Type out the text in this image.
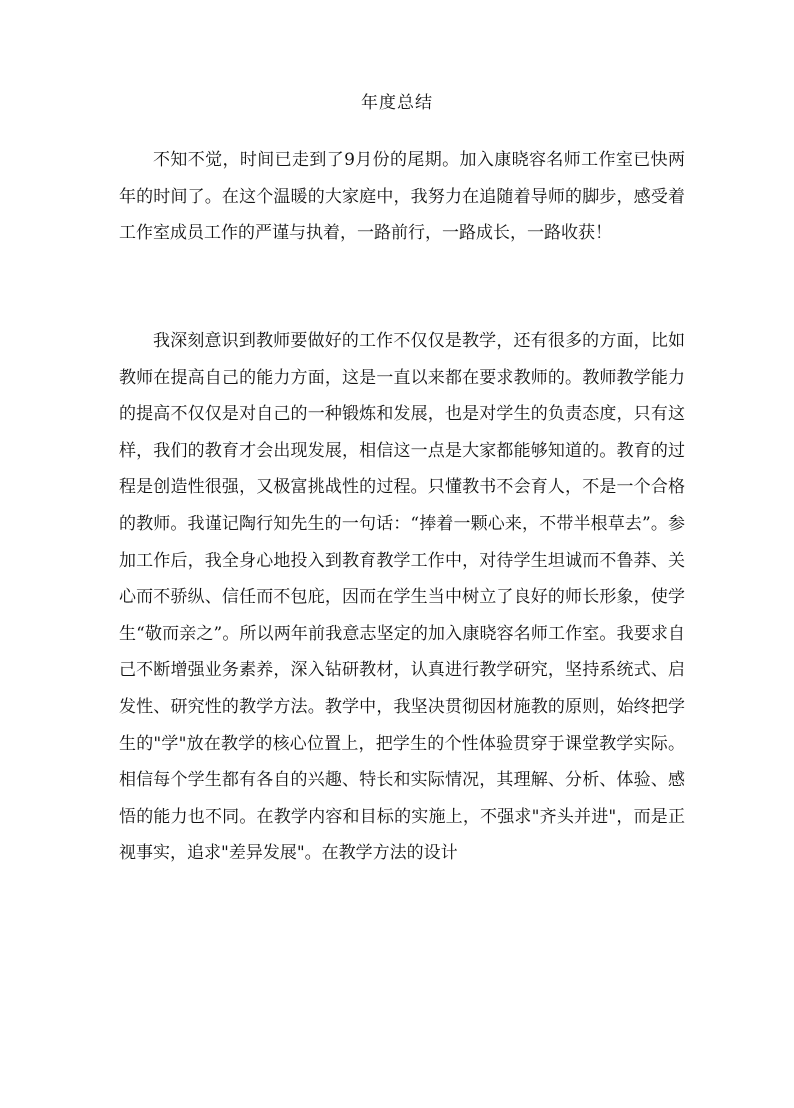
年度总结

不知不觉，时间已走到了9月份的尾期。加入康晓容名师工作室已快两年的时间了。在这个温暖的大家庭中，我努力在追随着导师的脚步，感受着工作室成员工作的严谨与执着，一路前行，一路成长，一路收获！

我深刻意识到教师要做好的工作不仅仅是教学，还有很多的方面，比如教师在提高自己的能力方面，这是一直以来都在要求教师的。教师教学能力的提高不仅仅是对自己的一种锻炼和发展，也是对学生的负责态度，只有这样，我们的教育才会出现发展，相信这一点是大家都能够知道的。教育的过程是创造性很强，又极富挑战性的过程。只懂教书不会育人，不是一个合格的教师。我谨记陶行知先生的一句话：“捧着一颗心来，不带半根草去”。参加工作后，我全身心地投入到教育教学工作中，对待学生坦诚而不鲁莽、关心而不骄纵、信任而不包庇，因而在学生当中树立了良好的师长形象，使学生“敬而亲之”。所以两年前我意志坚定的加入康晓容名师工作室。我要求自己不断增强业务素养，深入钻研教材，认真进行教学研究，坚持系统式、启发性、研究性的教学方法。教学中，我坚决贯彻因材施教的原则，始终把学生的"学"放在教学的核心位置上，把学生的个性体验贯穿于课堂教学实际。相信每个学生都有各自的兴趣、特长和实际情况，其理解、分析、体验、感悟的能力也不同。在教学内容和目标的实施上，不强求"齐头并进"，而是正视事实，追求"差异发展"。在教学方法的设计
